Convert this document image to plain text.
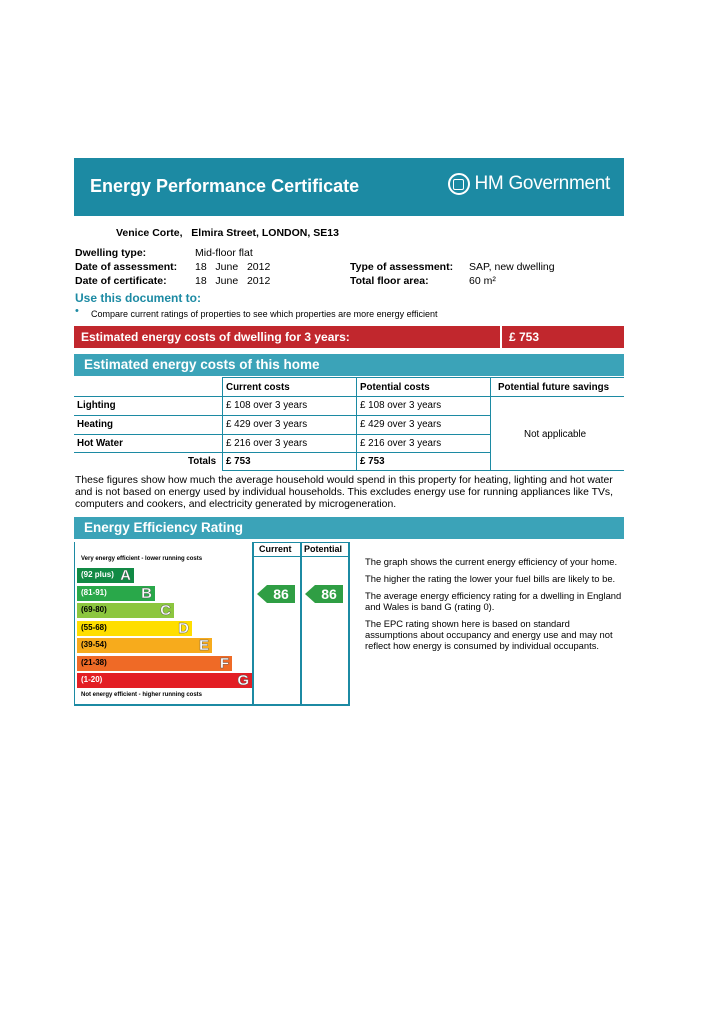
Energy Performance Certificate	HM Government
Venice Corte,   Elmira Street, LONDON, SE13
Dwelling type:	Mid-floor flat
Date of assessment: 18   June   2012
Date of certificate:	18   June   2012
Type of assessment: SAP, new dwelling
Total floor area:	60 m²
Use this document to:
• Compare current ratings of properties to see which properties are more energy efficient
Estimated energy costs of dwelling for 3 years:	£ 753
Estimated energy costs of this home
Current costs	Potential costs	Potential future savings
Lighting	£ 108 over 3 years	£ 108 over 3 years
Heating	£ 429 over 3 years	£ 429 over 3 years
Hot Water	£ 216 over 3 years	£ 216 over 3 years
Not applicable
Totals £ 753	£ 753
These figures show how much the average household would spend in this property for heating, lighting and hot water and is not based on energy used by individual households. This excludes energy use for running appliances like TVs, computers and cookers, and electricity generated by microgeneration.
Energy Efficiency Rating
Current Potential
Very energy efficient - lower running costs
Not energy efficient - higher running costs
(92 plus) A
(81-91) B
(69-80)	C
(55-68)	D
(39-54)	E
(21-38)	F
(1-20)	G
86	86

The graph shows the current energy efficiency of your home.

The higher the rating the lower your fuel bills are likely to be.

The average energy efficiency rating for a dwelling in England and Wales is band G (rating 0).

The EPC rating shown here is based on standard assumptions about occupancy and energy use and may not reflect how energy is consumed by individual occupants.
